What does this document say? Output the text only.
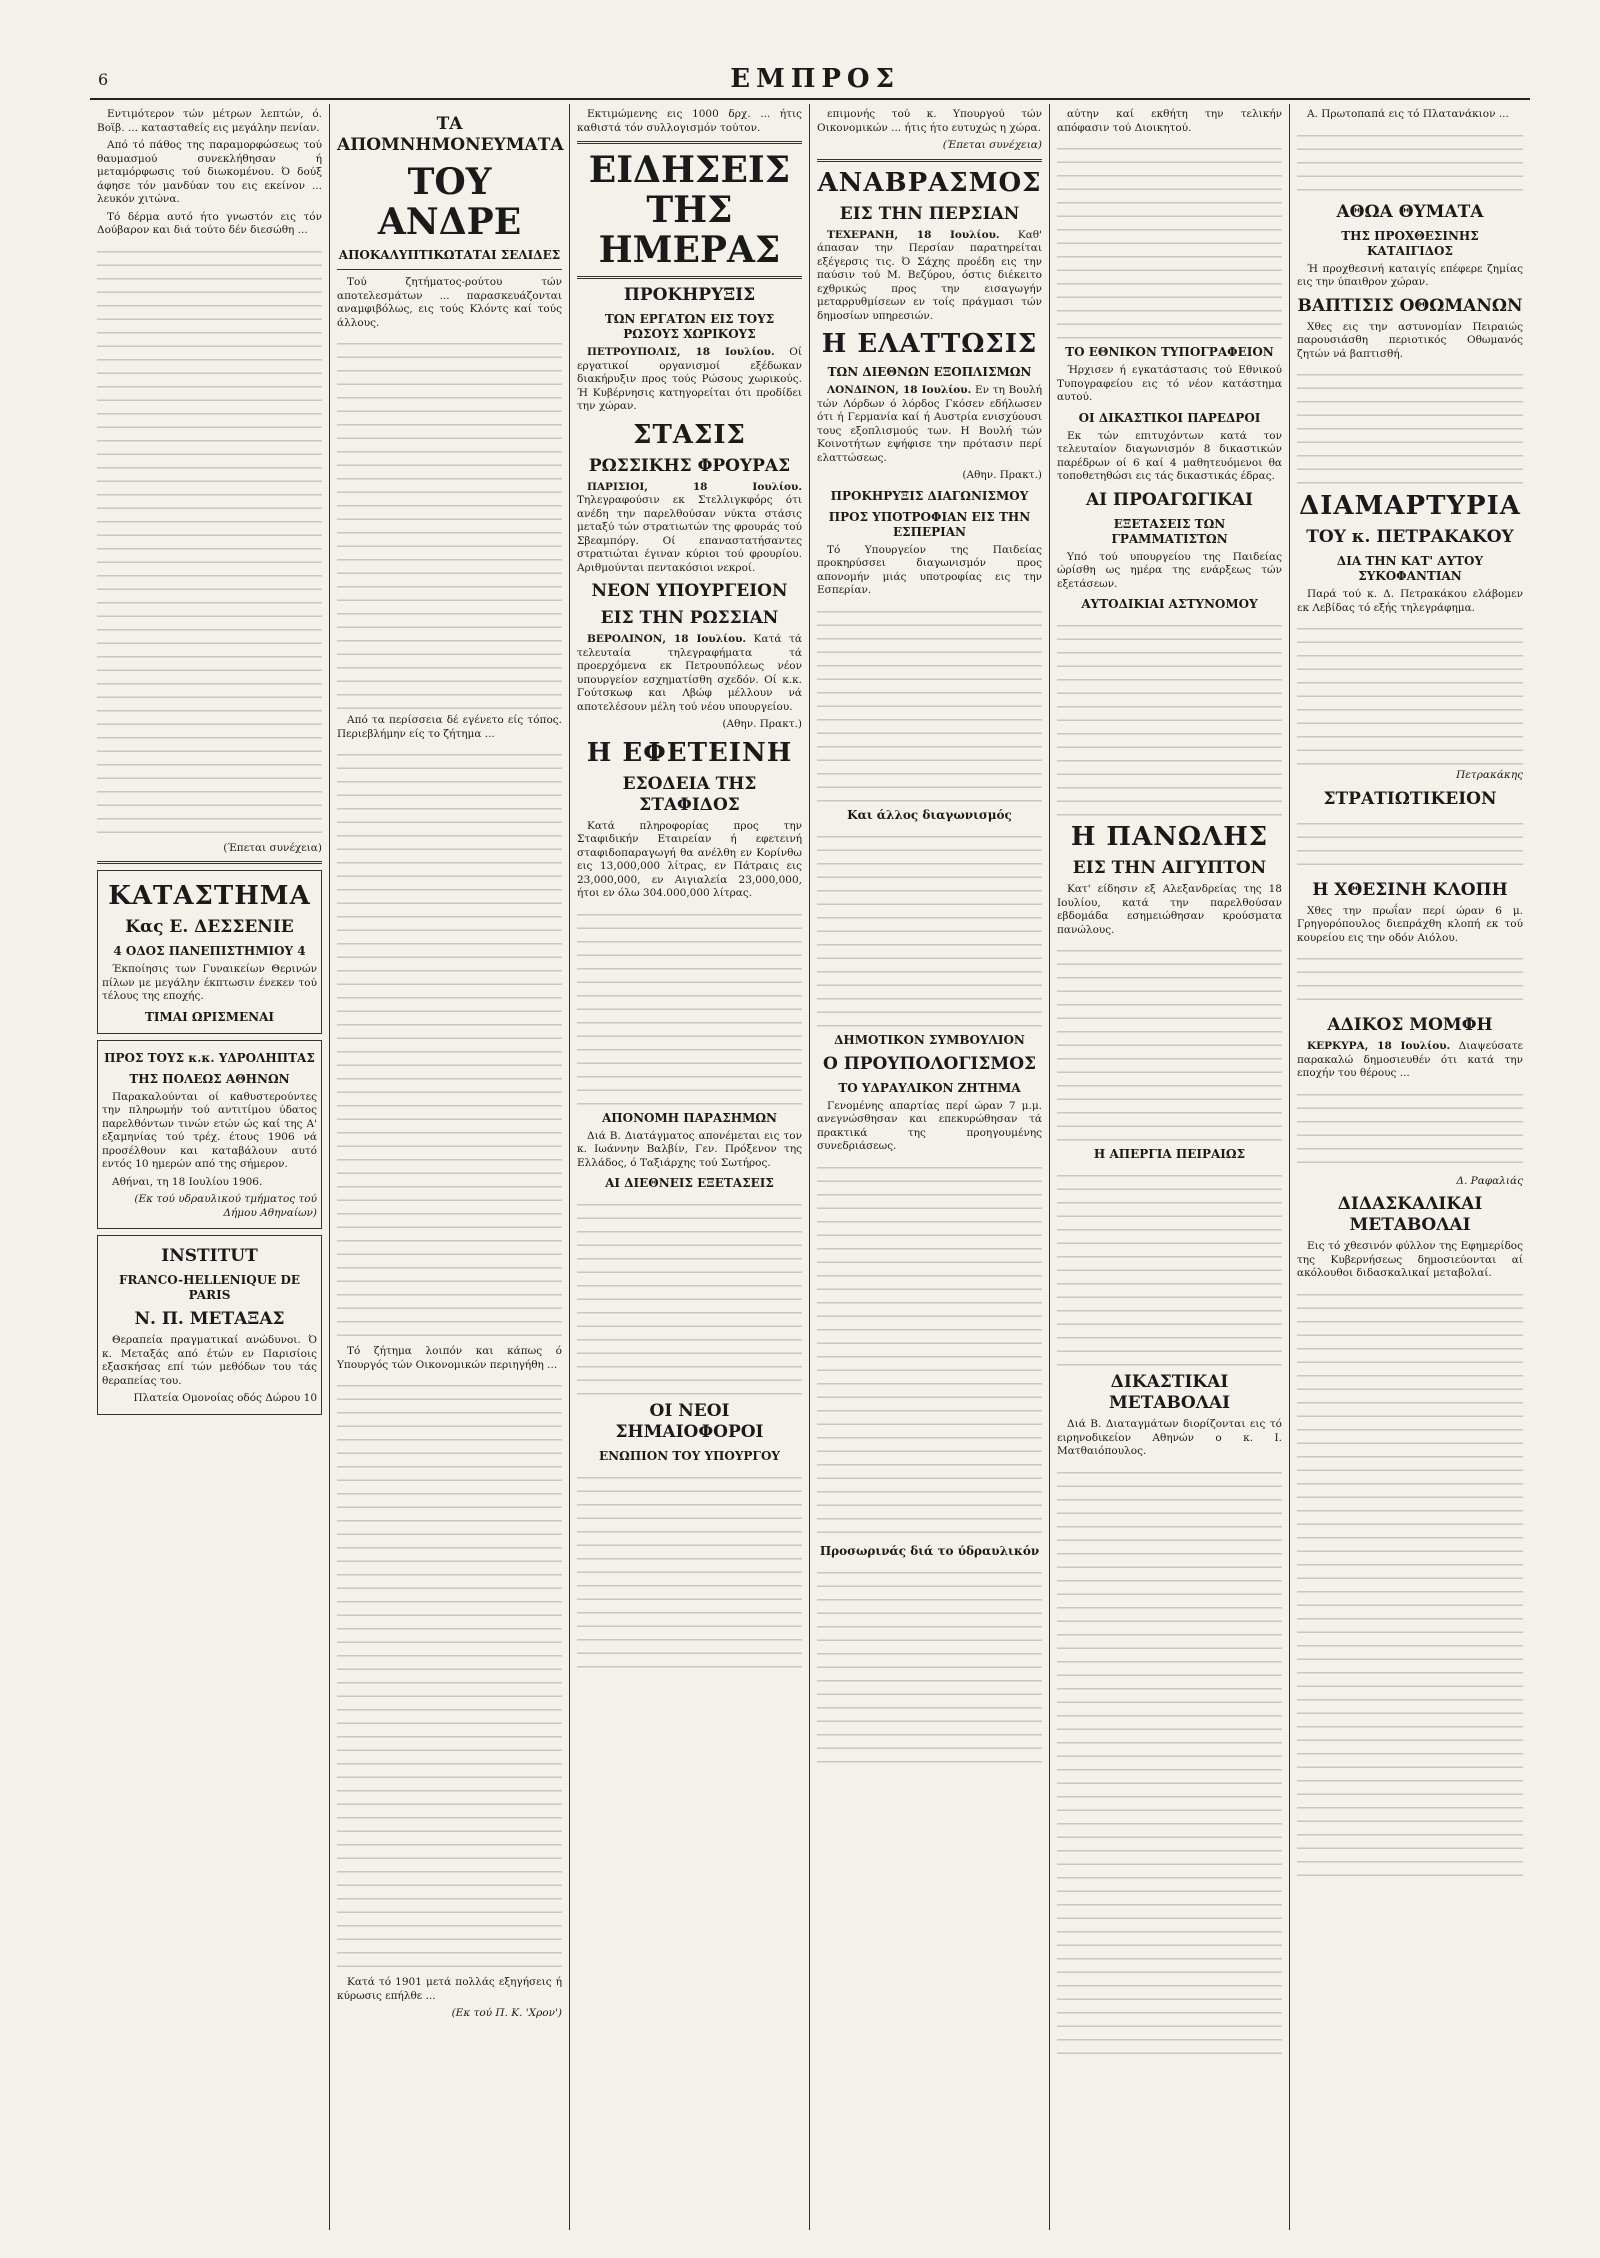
6	ΕΜΠΡΟΣ

Εντιμότερον τών μέτρων λεπτών, ό. Βοϊβ. ... κατασταθείς εις μεγάλην πενίαν.

Από τό πάθος της παραμορφώσεως τού θαυμασμού συνεκλήθησαν ή μεταμόρφωσις τού διωκομένου. Ό δούξ άφησε τόν μανδύαν του εις εκείνον ... λευκόν χιτώνα.

Τό δέρμα αυτό ήτο γνωστόν εις τόν Δούβαρον και διά τούτο δέν διεσώθη ...

(Έπεται συνέχεια)

ΚΑΤΑΣΤΗΜΑ
Κας Ε. ΔΕΣΣΕΝΙΕ
4 ΟΔΟΣ ΠΑΝΕΠΙΣΤΗΜΙΟΥ 4

Έκποίησις των Γυναικείων Θερινών πίλων με μεγάλην έκπτωσιν ένεκεν τού τέλους της εποχής.

ΤΙΜΑΙ ΩΡΙΣΜΕΝΑΙ
ΠΡΟΣ ΤΟΥΣ κ.κ. ΥΔΡΟΛΗΠΤΑΣ
ΤΗΣ ΠΟΛΕΩΣ ΑΘΗΝΩΝ

Παρακαλούνται οί καθυστερούντες την πληρωμήν τού αντιτίμου ύδατος παρελθόντων τινών ετών ώς καί της Α' εξαμηνίας τού τρέχ. έτους 1906 νά προσέλθουν και καταβάλουν αυτό εντός 10 ημερών από της σήμερον.

Αθήναι, τη 18 Ιουλίου 1906.

(Εκ τού υδραυλικού τμήματος τού Δήμου Αθηναίων)

INSTITUT
FRANCO-HELLENIQUE DE PARIS
Ν. Π. ΜΕΤΑΞΑΣ

Θεραπεία πραγματικαί ανώδυνοι. Ό κ. Μεταξάς από έτών εν Παρισίοις εξασκήσας επί τών μεθόδων του τάς θεραπείας του.

Πλατεία Ομονοίας οδός Δώρου 10

ΤΑ ΑΠΟΜΝΗΜΟΝΕΥΜΑΤΑ
ΤΟΥ ΑΝΔΡΕ
ΑΠΟΚΑΛΥΠΤΙΚΩΤΑΤΑΙ ΣΕΛΙΔΕΣ

Τού ζητήματος-ρούτου τών αποτελεσμάτων ... παρασκευάζονται αναμφιβόλως, εις τούς Κλόντς καί τούς άλλους.

Από τα περίσσεια δέ εγένετο είς τόπος. Περιεβλήμην είς το ζήτημα ...

Τό ζήτημα λοιπόν και κάπως ό Υπουργός τών Οικονομικών περιηγήθη ...

Κατά τό 1901 μετά πολλάς εξηγήσεις ή κύρωσις επήλθε ...

(Εκ τού Π. Κ. 'Χρον')

Εκτιμώμενης εις 1000 δρχ. ... ήτις καθιστά τόν συλλογισμόν τούτον.

ΕΙΔΗΣΕΙΣ ΤΗΣ ΗΜΕΡΑΣ
ΠΡΟΚΗΡΥΞΙΣ
ΤΩΝ ΕΡΓΑΤΩΝ ΕΙΣ ΤΟΥΣ ΡΩΣΟΥΣ ΧΩΡΙΚΟΥΣ

ΠΕΤΡΟΥΠΟΛΙΣ, 18 Ιουλίου. Οί εργατικοί οργανισμοί εξέδωκαν διακήρυξιν προς τούς Ρώσους χωρικούς. Ή Κυβέρνησις κατηγορείται ότι προδίδει την χώραν.

ΣΤΑΣΙΣ
ΡΩΣΣΙΚΗΣ ΦΡΟΥΡΑΣ

ΠΑΡΙΣΙΟΙ, 18 Ιουλίου. Τηλεγραφούσιν εκ Στελλιγκφόρς ότι ανέδη την παρελθούσαν νύκτα στάσις μεταξύ τών στρατιωτών της φρουράς τού Σβεαμπόργ. Οί επαναστατήσαντες στρατιώται έγιναν κύριοι τού φρουρίου. Αριθμούνται πεντακόσιοι νεκροί.

ΝΕΟΝ ΥΠΟΥΡΓΕΙΟΝ
ΕΙΣ ΤΗΝ ΡΩΣΣΙΑΝ

ΒΕΡΟΛΙΝΟΝ, 18 Ιουλίου. Κατά τά τελευταία τηλεγραφήματα τά προερχόμενα εκ Πετρουπόλεως νέον υπουργείον εσχηματίσθη σχεδόν. Οί κ.κ. Γούτσκωφ και Λβώφ μέλλουν νά αποτελέσουν μέλη τού νέου υπουργείου.

(Αθην. Πρακτ.)

Η ΕΦΕΤΕΙΝΗ
ΕΣΟΔΕΙΑ ΤΗΣ ΣΤΑΦΙΔΟΣ

Κατά πληροφορίας προς την Σταφιδικήν Εταιρείαν ή εφετεινή σταφιδοπαραγωγή θα ανέλθη εν Κορίνθω εις 13,000,000 λίτρας, εν Πάτραις εις 23,000,000, εν Αιγιαλεία 23,000,000, ήτοι εν όλω 304.000,000 λίτρας.

ΑΠΟΝΟΜΗ ΠΑΡΑΣΗΜΩΝ

Διά Β. Διατάγματος απονέμεται εις τον κ. Ιωάννην Βαλβίν, Γεν. Πρόξενον της Ελλάδος, ό Ταξιάρχης τού Σωτήρος.

ΑΙ ΔΙΕΘΝΕΙΣ ΕΞΕΤΑΣΕΙΣ
ΟΙ ΝΕΟΙ ΣΗΜΑΙΟΦΟΡΟΙ
ΕΝΩΠΙΟΝ ΤΟΥ ΥΠΟΥΡΓΟΥ

επιμονής τού κ. Υπουργού τών Οικονομικών ... ήτις ήτο ευτυχώς η χώρα.

(Έπεται συνέχεια)

ΑΝΑΒΡΑΣΜΟΣ
ΕΙΣ ΤΗΝ ΠΕΡΣΙΑΝ

ΤΕΧΕΡΑΝΗ, 18 Ιουλίου. Καθ' άπασαν την Περσίαν παρατηρείται εξέγερσις τις. Ό Σάχης προέδη εις την παύσιν τού Μ. Βεζύρου, όστις διέκειτο εχθρικώς προς την εισαγωγήν μεταρρυθμίσεων εν τοίς πράγμασι τών δημοσίων υπηρεσιών.

Η ΕΛΑΤΤΩΣΙΣ
ΤΩΝ ΔΙΕΘΝΩΝ ΕΞΟΠΛΙΣΜΩΝ

ΛΟΝΔΙΝΟΝ, 18 Ιουλίου. Εν τη Βουλή τών Λόρδων ό λόρδος Γκόσεν εδήλωσεν ότι ή Γερμανία καί ή Αυστρία ενισχύουσι τους εξοπλισμούς των. Η Βουλή τών Κοινοτήτων εψήφισε την πρότασιν περί ελαττώσεως.

(Αθην. Πρακτ.)

ΠΡΟΚΗΡΥΞΙΣ ΔΙΑΓΩΝΙΣΜΟΥ
ΠΡΟΣ ΥΠΟΤΡΟΦΙΑΝ ΕΙΣ ΤΗΝ ΕΣΠΕΡΙΑΝ

Τό Υπουργείον της Παιδείας προκηρύσσει διαγωνισμόν προς απονομήν μιάς υποτροφίας εις την Εσπερίαν.

Και άλλος διαγωνισμός
ΔΗΜΟΤΙΚΟΝ ΣΥΜΒΟΥΛΙΟΝ
Ο ΠΡΟΥΠΟΛΟΓΙΣΜΟΣ
ΤΟ ΥΔΡΑΥΛΙΚΟΝ ΖΗΤΗΜΑ

Γενομένης απαρτίας περί ώραν 7 μ.μ. ανεγνώσθησαν και επεκυρώθησαν τά πρακτικά της προηγουμένης συνεδριάσεως.

Προσωρινάς διά το ύδραυλικόν

αύτην καί εκθήτη την τελικήν απόφασιν τού Διοικητού.

ΤΟ ΕΘΝΙΚΟΝ ΤΥΠΟΓΡΑΦΕΙΟΝ

Ήρχισεν ή εγκατάστασις τού Εθνικού Τυπογραφείου εις τό νέον κατάστημα αυτού.

ΟΙ ΔΙΚΑΣΤΙΚΟΙ ΠΑΡΕΔΡΟΙ

Εκ τών επιτυχόντων κατά τον τελευταίον διαγωνισμόν 8 δικαστικών παρέδρων οί 6 καί 4 μαθητευόμενοι θα τοποθετηθώσι εις τάς δικαστικάς έδρας.

ΑΙ ΠΡΟΑΓΩΓΙΚΑΙ
ΕΞΕΤΑΣΕΙΣ ΤΩΝ ΓΡΑΜΜΑΤΙΣΤΩΝ

Υπό τού υπουργείου της Παιδείας ώρίσθη ως ημέρα της ενάρξεως τών εξετάσεων.

ΑΥΤΟΔΙΚΙΑΙ ΑΣΤΥΝΟΜΟΥ
Η ΠΑΝΩΛΗΣ
ΕΙΣ ΤΗΝ ΑΙΓΥΠΤΟΝ

Κατ' είδησιν εξ Αλεξανδρείας της 18 Ιουλίου, κατά την παρελθούσαν εβδομάδα εσημειώθησαν κρούσματα πανώλους.

Η ΑΠΕΡΓΙΑ ΠΕΙΡΑΙΩΣ
ΔΙΚΑΣΤΙΚΑΙ ΜΕΤΑΒΟΛΑΙ

Διά Β. Διαταγμάτων διορίζονται εις τό ειρηνοδικείον Αθηνών ο κ. Ι. Ματθαιόπουλος.

Α. Πρωτοπαπά εις τό Πλατανάκιον ...

ΑΘΩΑ ΘΥΜΑΤΑ
ΤΗΣ ΠΡΟΧΘΕΣΙΝΗΣ ΚΑΤΑΙΓΙΔΟΣ

Ή προχθεσινή καταιγίς επέφερε ζημίας εις την ύπαιθρον χώραν.

ΒΑΠΤΙΣΙΣ ΟΘΩΜΑΝΩΝ

Χθες εις την αστυνομίαν Πειραιώς παρουσιάσθη περιοτικός Οθωμανός ζητών νά βαπτισθή.

ΔΙΑΜΑΡΤΥΡΙΑ
ΤΟΥ κ. ΠΕΤΡΑΚΑΚΟΥ
ΔΙΑ ΤΗΝ ΚΑΤ' ΑΥΤΟΥ ΣΥΚΟΦΑΝΤΙΑΝ

Παρά τού κ. Δ. Πετρακάκου ελάβομεν εκ Λεβίδας τό εξής τηλεγράφημα.

Πετρακάκης

ΣΤΡΑΤΙΩΤΙΚΕΙΟΝ
Η ΧΘΕΣΙΝΗ ΚΛΟΠΗ

Χθες την πρωΐαν περί ώραν 6 μ. Γρηγορόπουλος διεπράχθη κλοπή εκ τού κουρείου εις την οδόν Αιόλου.

ΑΔΙΚΟΣ ΜΟΜΦΗ

ΚΕΡΚΥΡΑ, 18 Ιουλίου. Διαψεύσατε παρακαλώ δημοσιευθέν ότι κατά την εποχήν του θέρους ...

Δ. Ραφαλιάς

ΔΙΔΑΣΚΑΛΙΚΑΙ ΜΕΤΑΒΟΛΑΙ

Εις τό χθεσινόν φύλλον της Εφημερίδος της Κυβερνήσεως δημοσιεύονται αί ακόλουθοι διδασκαλικαί μεταβολαί.
